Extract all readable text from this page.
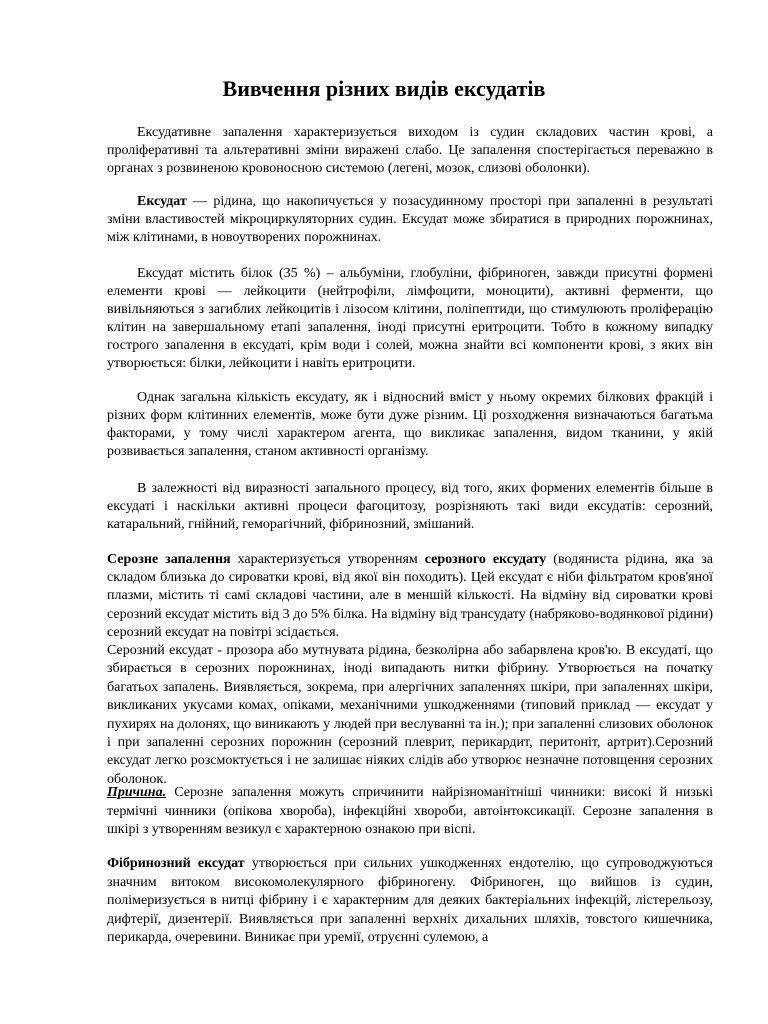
Вивчення різних видів ексудатів

Ексудативне запалення характеризується виходом із судин складових частин крові, а проліферативні та альтеративні зміни виражені слабо. Це запалення спостерігається переважно в органах з розвиненою кровоносною системою (легені, мозок, слизові оболонки).

Ексудат — рідина, що накопичується у позасудинному просторі при запаленні в результаті зміни властивостей мікроциркуляторних судин. Ексудат може збиратися в природних порожнинах, між клітинами, в новоутворених порожнинах.

Ексудат містить білок (35 %) – альбуміни, глобуліни, фібриноген, завжди присутні формені елементи крові — лейкоцити (нейтрофіли, лімфоцити, моноцити), активні ферменти, що вивільняються з загиблих лейкоцитів і лізосом клітини, поліпептиди, що стимулюють проліферацію клітин на завершальному етапі запалення, іноді присутні еритроцити. Тобто в кожному випадку гострого запалення в ексудаті, крім води і солей, можна знайти всі компоненти крові, з яких він утворюється: білки, лейкоцити і навіть еритроцити.

Однак загальна кількість ексудату, як і відносний вміст у ньому окремих білкових фракцій і різних форм клітинних елементів, може бути дуже різним. Ці розходження визначаються багатьма факторами, у тому числі характером агента, що викликає запалення, видом тканини, у якій розвивається запалення, станом активності організму.

В залежності від виразності запального процесу, від того, яких формених елементів більше в ексудаті і наскільки активні процеси фагоцитозу, розрізняють такі види ексудатів: серозний, катаральний, гнійний, геморагічний, фібринозний, змішаний.

Серозне запалення характеризується утворенням серозного ексудату (водяниста рідина, яка за складом близька до сироватки крові, від якої він походить). Цей ексудат є ніби фільтратом кров'яної плазми, містить ті самі складові частини, але в меншій кількості. На відміну від сироватки крові серозний ексудат містить від 3 до 5% білка. На відміну від трансудату (набряково-водянкової рідини) серозний ексудат на повітрі зсідається.

Серозний ексудат - прозора або мутнувата рідина, безколірна або забарвлена кров'ю. В ексудаті, що збирається в серозних порожнинах, іноді випадають нитки фібрину. Утворюється на початку багатьох запалень. Виявляється, зокрема, при алергічних запаленнях шкіри, при запаленнях шкіри, викликаних укусами комах, опіками, механічними ушкодженнями (типовий приклад — ексудат у пухирях на долонях, що виникають у людей при веслуванні та ін.); при запаленні слизових оболонок і при запаленні серозних порожнин (серозний плеврит, перикардит, перитоніт, артрит).Серозний ексудат легко розсмоктується і не залишає ніяких слідів або утворює незначне потовщення серозних оболонок.

Причина. Серозне запалення можуть спричинити найрізноманітніші чинники: високі й низькі термічні чинники (опікова хвороба), інфекційні хвороби, автоінтоксикації. Серозне запалення в шкірі з утворенням везикул є характерною ознакою при віспі.

Фібринозний ексудат утворюється при сильних ушкодженнях ендотелію, що супроводжуються значним витоком високомолекулярного фібриногену. Фібриноген, що вийшов із судин, полімеризується в нитці фібрину і є характерним для деяких бактеріальних інфекцій, лістерельозу, дифтерії, дизентерії. Виявляється при запаленні верхніх дихальних шляхів, товстого кишечника, перикарда, очеревини. Виникає при уремії, отруєнні сулемою, а
